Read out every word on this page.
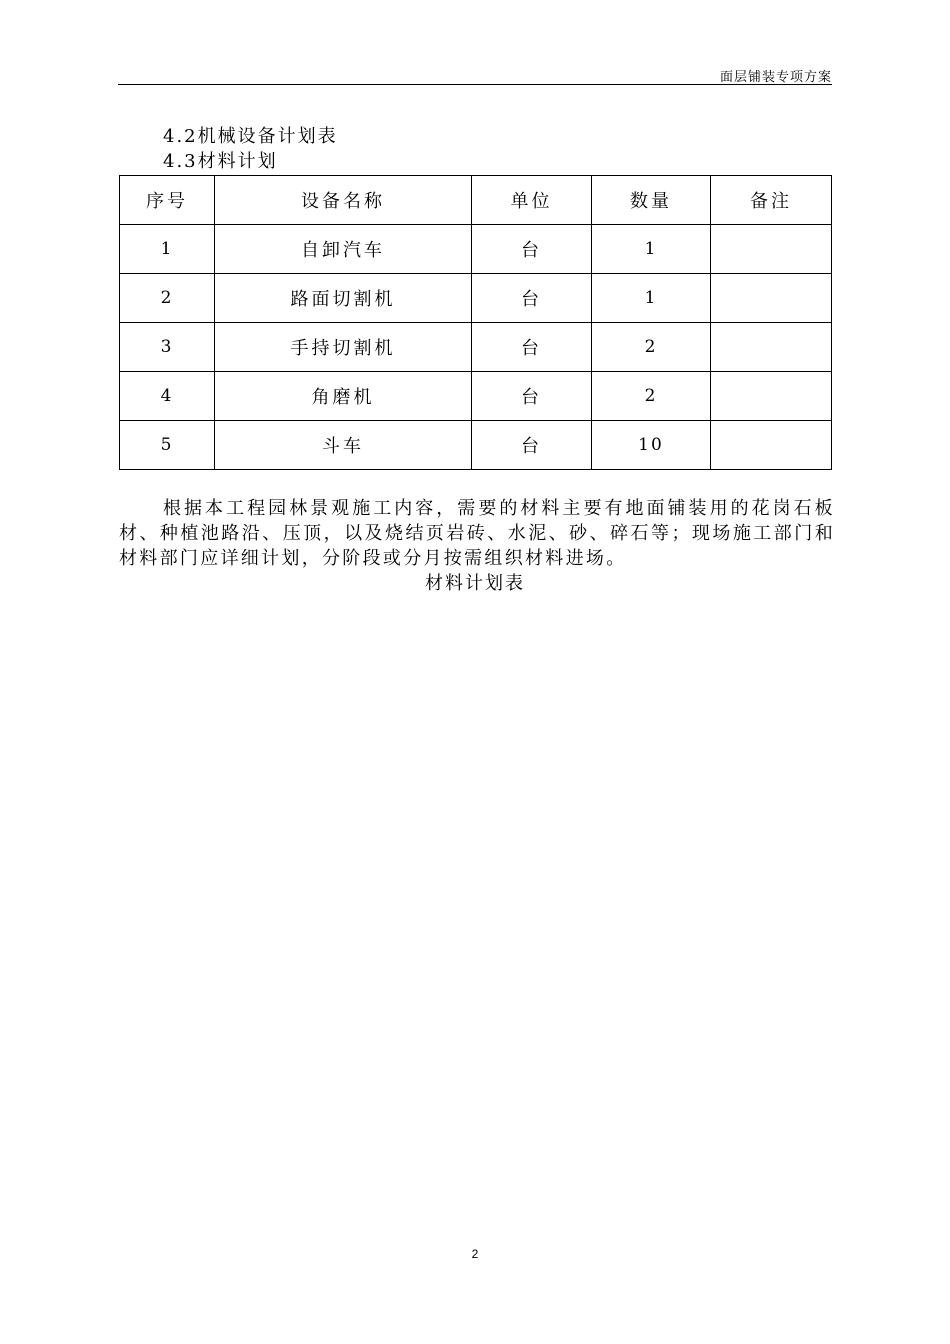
面层铺装专项方案
4.2机械设备计划表
4.3材料计划
序号	设备名称	单位	数量	备注
1	自卸汽车	台	1	
2	路面切割机	台	1	
3	手持切割机	台	2	
4	角磨机	台	2	
5	斗车	台	10	

根据本工程园林景观施工内容，需要的材料主要有地面铺装用的花岗石板材、种植池路沿、压顶，以及烧结页岩砖、水泥、砂、碎石等；现场施工部门和材料部门应详细计划，分阶段或分月按需组织材料进场。

材料计划表
2
